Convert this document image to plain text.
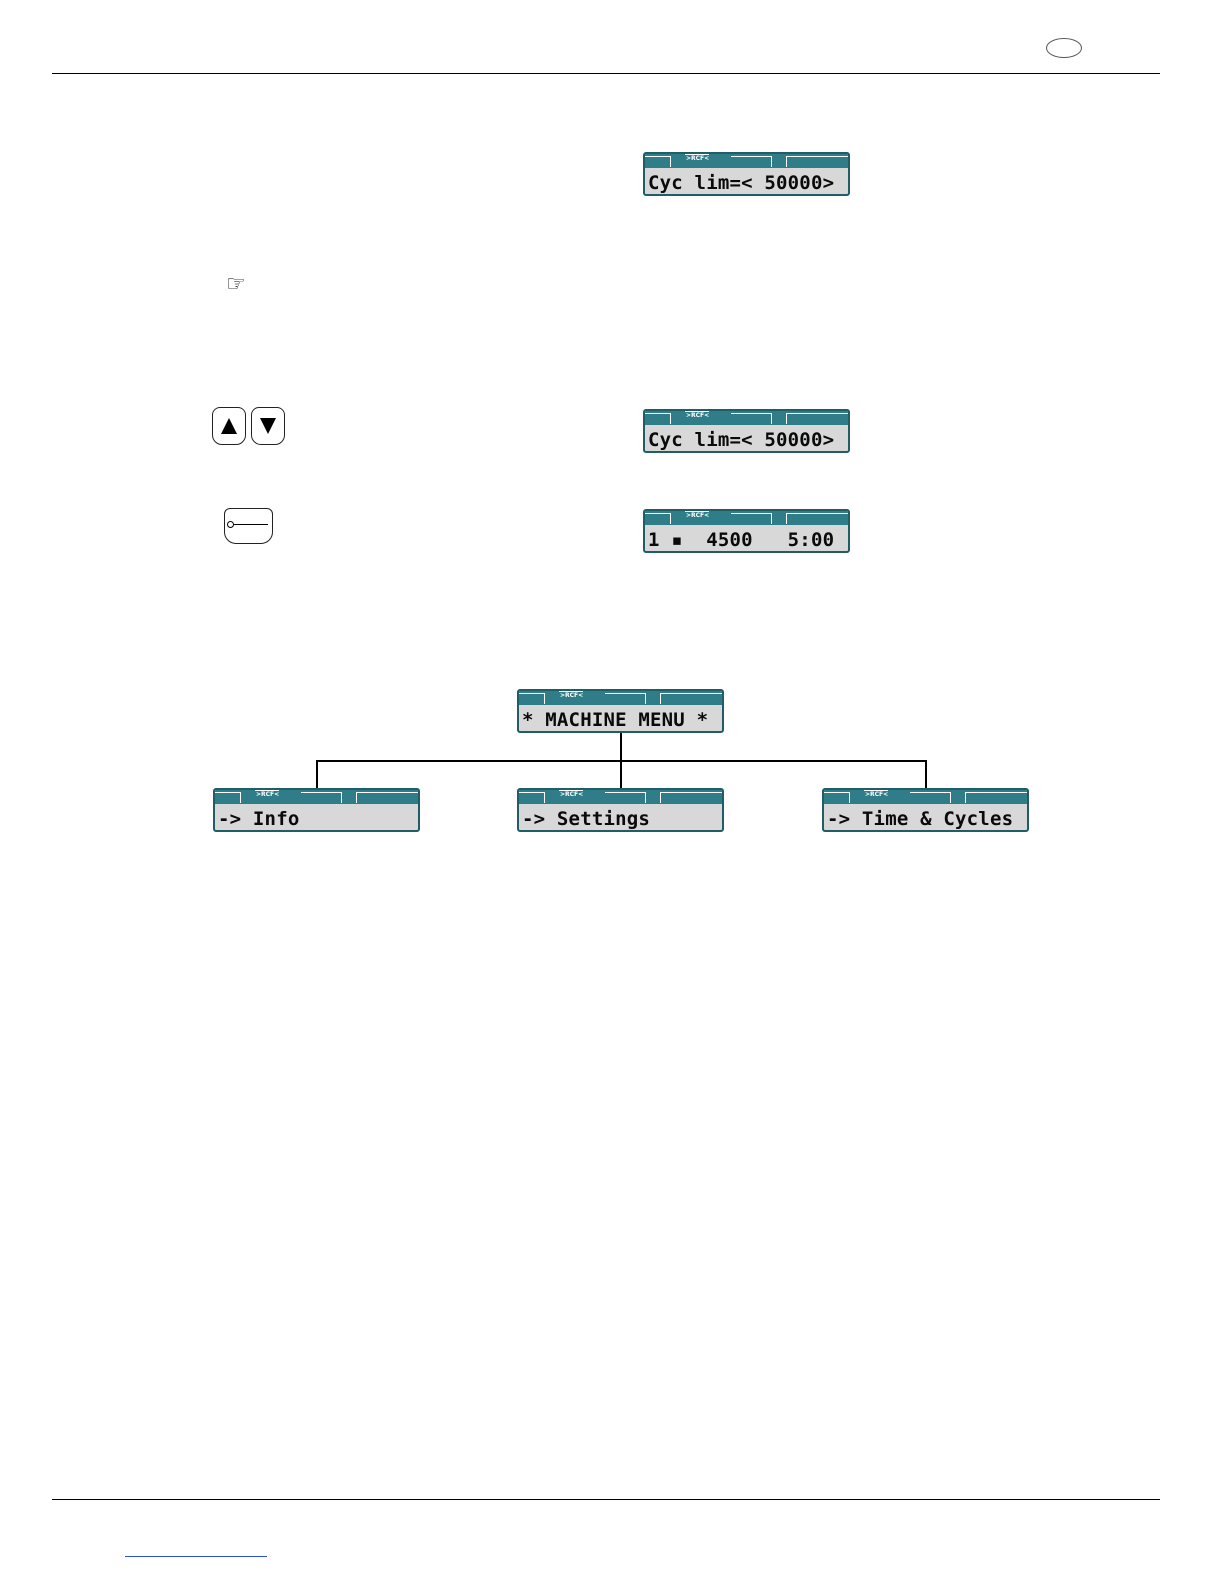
>RCF<
Cyc lim=< 50000>
☞
>RCF<
Cyc lim=< 50000>
>RCF<
1 ▪  4500   5:00
>RCF<
* MACHINE MENU *
>RCF<
-> Info
>RCF<
-> Settings
>RCF<
-> Time & Cycles
